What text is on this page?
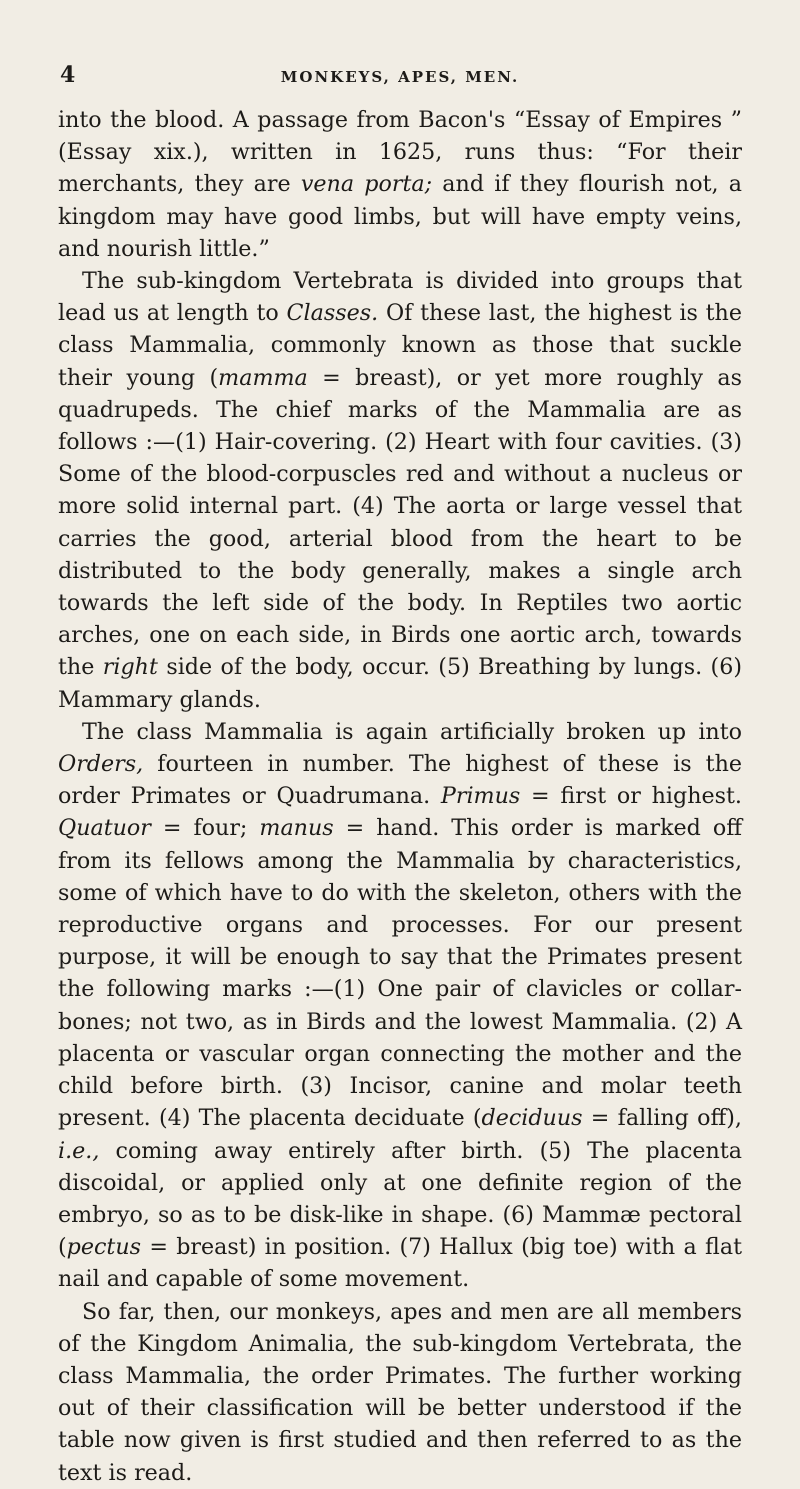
4	MONKEYS, APES, MEN.

into the blood. A passage from Bacon's “Essay of Empires ” (Essay xix.), written in 1625, runs thus: “For their merchants, they are vena porta; and if they flourish not, a kingdom may have good limbs, but will have empty veins, and nourish little.”

The sub-kingdom Vertebrata is divided into groups that lead us at length to Classes. Of these last, the highest is the class Mammalia, commonly known as those that suckle their young (mamma = breast), or yet more roughly as quadrupeds. The chief marks of the Mammalia are as follows :—(1) Hair-covering. (2) Heart with four cavities. (3) Some of the blood-corpuscles red and without a nucleus or more solid internal part. (4) The aorta or large vessel that carries the good, arterial blood from the heart to be distributed to the body generally, makes a single arch towards the left side of the body. In Reptiles two aortic arches, one on each side, in Birds one aortic arch, towards the right side of the body, occur. (5) Breathing by lungs. (6) Mammary glands.

The class Mammalia is again artificially broken up into Orders, fourteen in number. The highest of these is the order Primates or Quadrumana. Primus = first or highest. Quatuor = four; manus = hand. This order is marked off from its fellows among the Mammalia by characteristics, some of which have to do with the skeleton, others with the reproductive organs and processes. For our present purpose, it will be enough to say that the Primates present the following marks :—(1) One pair of clavicles or collar-bones; not two, as in Birds and the lowest Mammalia. (2) A placenta or vascular organ connecting the mother and the child before birth. (3) Incisor, canine and molar teeth present. (4) The placenta deciduate (deciduus = falling off), i.e., coming away entirely after birth. (5) The placenta discoidal, or applied only at one definite region of the embryo, so as to be disk-like in shape. (6) Mammæ pectoral (pectus = breast) in position. (7) Hallux (big toe) with a flat nail and capable of some movement.

So far, then, our monkeys, apes and men are all members of the Kingdom Animalia, the sub-kingdom Vertebrata, the class Mammalia, the order Primates. The further working out of their classification will be better understood if the table now given is first studied and then referred to as the text is read.
